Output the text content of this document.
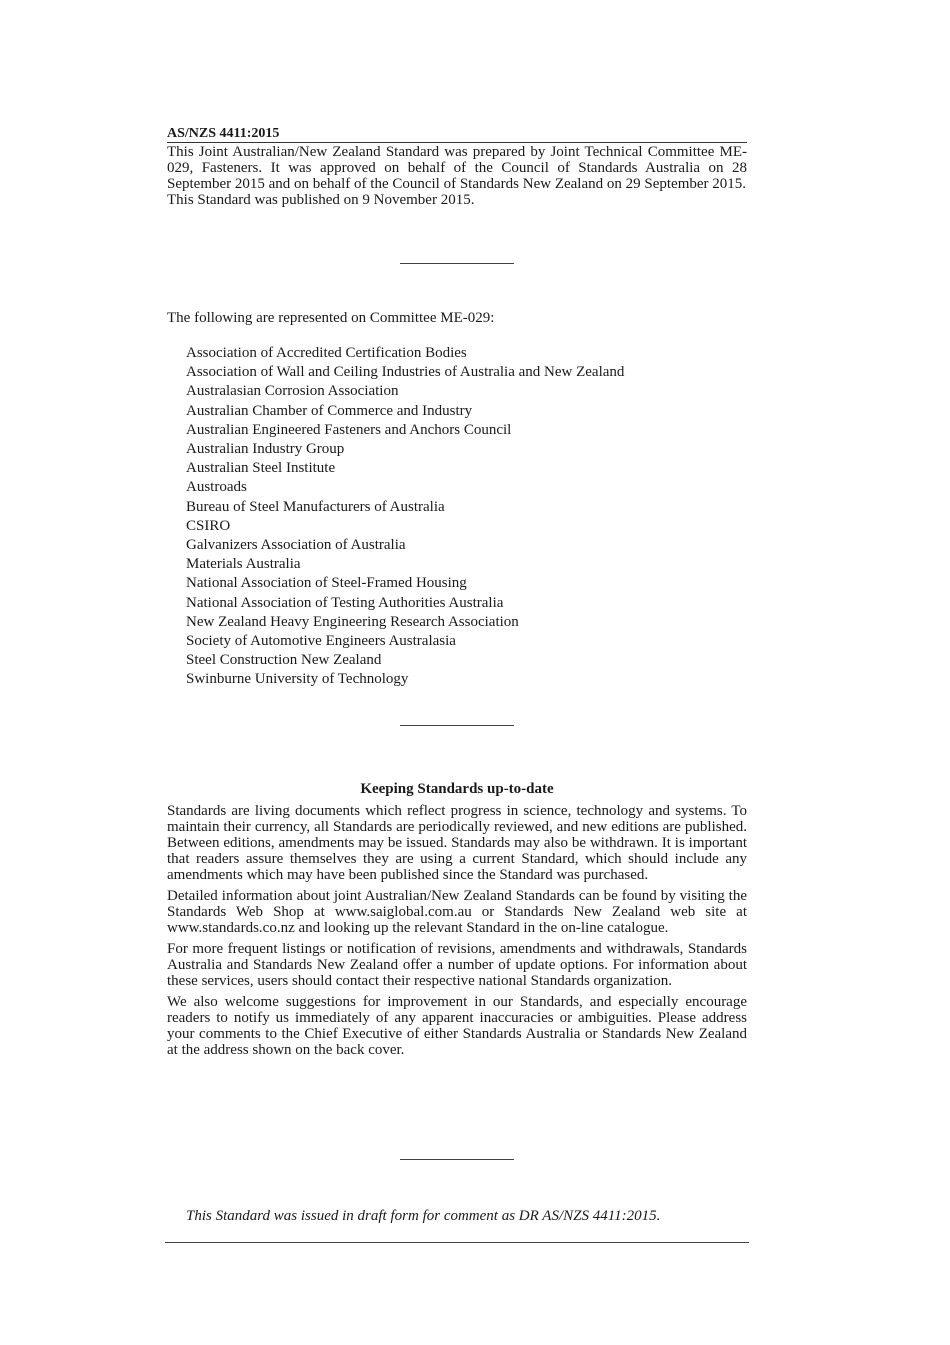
AS/NZS 4411:2015

This Joint Australian/New Zealand Standard was prepared by Joint Technical Committee ME-029, Fasteners. It was approved on behalf of the Council of Standards Australia on 28 September 2015 and on behalf of the Council of Standards New Zealand on 29 September 2015.

This Standard was published on 9 November 2015.

The following are represented on Committee ME-029:

Association of Accredited Certification Bodies
Association of Wall and Ceiling Industries of Australia and New Zealand
Australasian Corrosion Association
Australian Chamber of Commerce and Industry
Australian Engineered Fasteners and Anchors Council
Australian Industry Group
Australian Steel Institute
Austroads
Bureau of Steel Manufacturers of Australia
CSIRO
Galvanizers Association of Australia
Materials Australia
National Association of Steel-Framed Housing
National Association of Testing Authorities Australia
New Zealand Heavy Engineering Research Association
Society of Automotive Engineers Australasia
Steel Construction New Zealand
Swinburne University of Technology
Keeping Standards up-to-date

Standards are living documents which reflect progress in science, technology and systems. To maintain their currency, all Standards are periodically reviewed, and new editions are published. Between editions, amendments may be issued. Standards may also be withdrawn. It is important that readers assure themselves they are using a current Standard, which should include any amendments which may have been published since the Standard was purchased.

Detailed information about joint Australian/New Zealand Standards can be found by visiting the Standards Web Shop at www.saiglobal.com.au or Standards New Zealand web site at www.standards.co.nz and looking up the relevant Standard in the on-line catalogue.

For more frequent listings or notification of revisions, amendments and withdrawals, Standards Australia and Standards New Zealand offer a number of update options. For information about these services, users should contact their respective national Standards organization.

We also welcome suggestions for improvement in our Standards, and especially encourage readers to notify us immediately of any apparent inaccuracies or ambiguities. Please address your comments to the Chief Executive of either Standards Australia or Standards New Zealand at the address shown on the back cover.

This Standard was issued in draft form for comment as DR AS/NZS 4411:2015.
